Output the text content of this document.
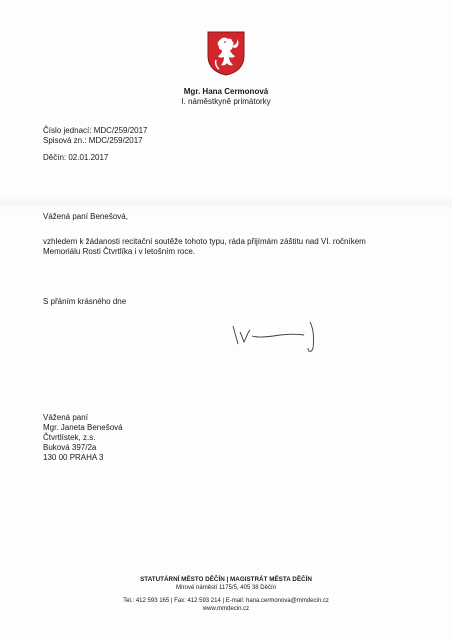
Mgr. Hana Cermonová
I. náměstkyně primátorky
Číslo jednací: MDC/259/2017
Spisová zn.: MDC/259/2017
Děčín: 02.01.2017
Vážená paní Benešová,
vzhledem k žádanosti recitační soutěže tohoto typu, ráda přijímám záštitu nad VI. ročníkem Memoriálu Rosti Čtvrtlíka i v letošním roce.
S přáním krásného dne
Vážená paní
Mgr. Janeta Benešová
Čtvrtlístek, z.s.
Buková 397/2a
130 00 PRAHA 3
STATUTÁRNÍ MĚSTO DĚČÍN | MAGISTRÁT MĚSTA DĚČÍN
Mírové náměstí 1175/5, 405 38 Děčín
Tel.: 412 593 165 | Fax: 412 593 214 | E-mail: hana.cermonova@mmdecin.cz
www.mmdecin.cz
